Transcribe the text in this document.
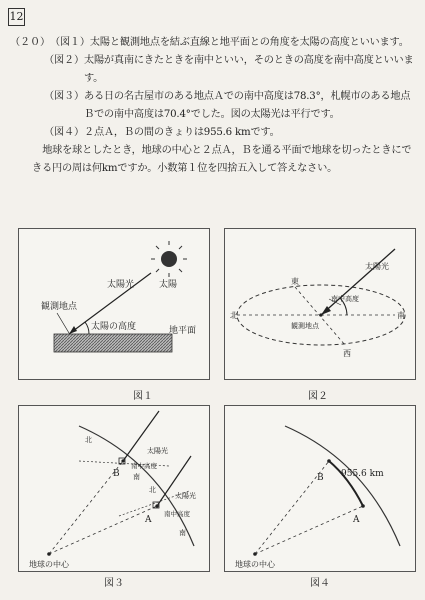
12
（２０） （図１） 太陽と観測地点を結ぶ直線と地平面との角度を太陽の高度といいます。
（図２） 太陽が真南にきたときを南中といい，そのときの高度を南中高度といいます。
（図３） ある日の名古屋市のある地点Ａでの南中高度は78.3°，札幌市のある地点Ｂでの南中高度は70.4°でした。図の太陽光は平行です。
（図４） ２点Ａ，Ｂの間のきょりは955.6 kmです。
地球を球としたとき，地球の中心と２点Ａ，Ｂを通る平面で地球を切ったときにできる円の周は何kmですか。小数第１位を四捨五入して答えなさい。
太陽
太陽光
観測地点
太陽の高度	地平面
図１
太陽光
東
西
北	南
南中高度
観測地点
図２
北
太陽光
南中高度
B 南
北
太陽光
南中高度
A
南
地球の中心
図３
B
A
955.6 km
地球の中心
図４
